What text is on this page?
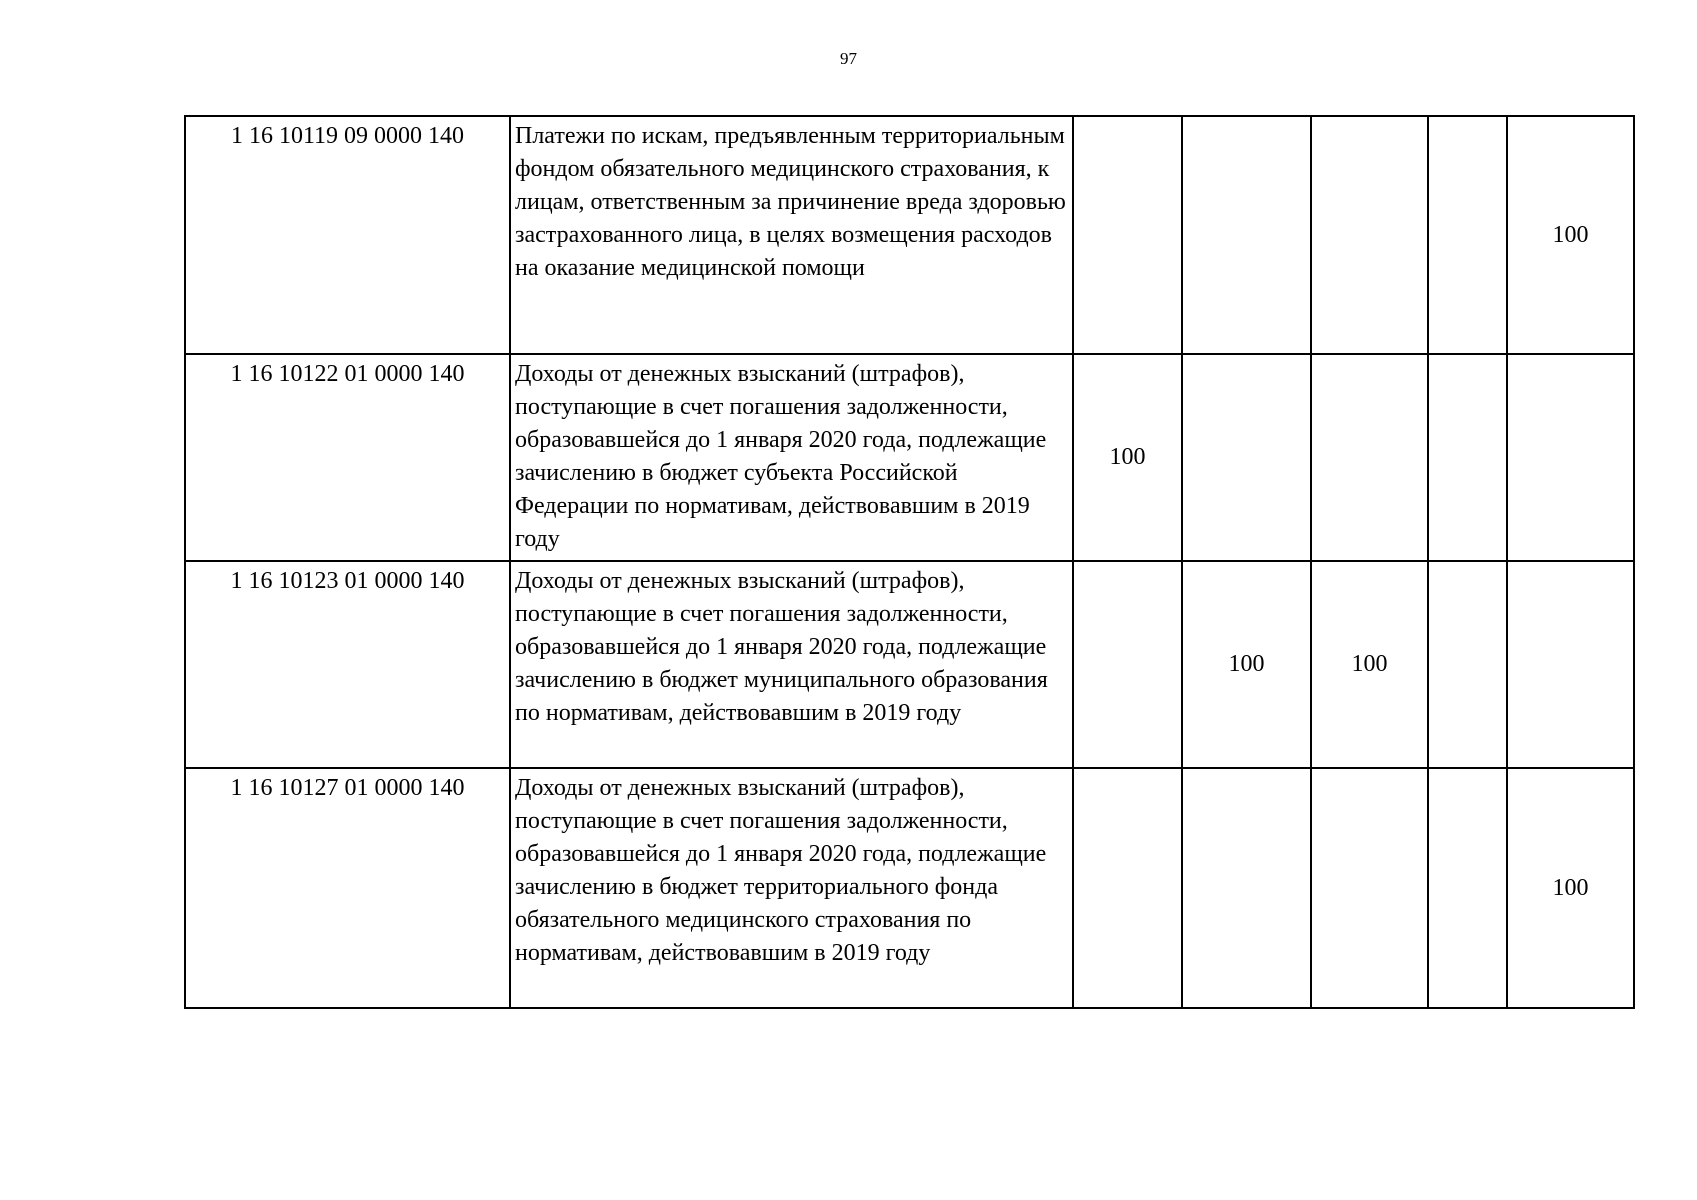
97
1 16 10119 09 0000 140	Платежи по искам, предъявленным территориальным фондом обязательного медицинского страхования, к лицам, ответственным за причинение вреда здоровью застрахованного лица, в целях возмещения расходов на оказание медицинской помощи					100
1 16 10122 01 0000 140	Доходы от денежных взысканий (штрафов), поступающие в счет погашения задолженности, образовавшейся до 1 января 2020 года, подлежащие зачислению в бюджет субъекта Российской Федерации по нормативам, действовавшим в 2019 году	100				
1 16 10123 01 0000 140	Доходы от денежных взысканий (штрафов), поступающие в счет погашения задолженности, образовавшейся до 1 января 2020 года, подлежащие зачислению в бюджет муниципального образования по нормативам, действовавшим в 2019 году		100	100		
1 16 10127 01 0000 140	Доходы от денежных взысканий (штрафов), поступающие в счет погашения задолженности, образовавшейся до 1 января 2020 года, подлежащие зачислению в бюджет территориального фонда обязательного медицинского страхования по нормативам, действовавшим в 2019 году					100
